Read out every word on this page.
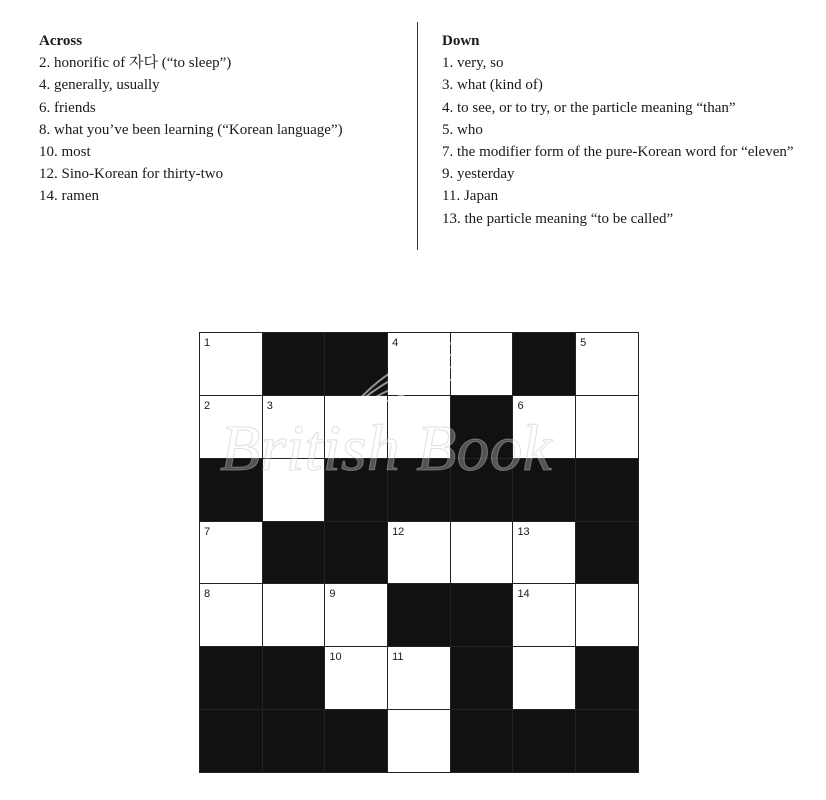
Across

2. honorific of 자다 (“to sleep”)
4. generally, usually
6. friends
8. what you’ve been learning (“Korean language”)
10. most
12. Sino-Korean for thirty-two
14. ramen

Down

1. very, so
3. what (kind of)
4. to see, or to try, or the particle meaning “than”
5. who
7. the modifier form of the pure-Korean word for “eleven”
9. yesterday
11. Japan
13. the particle meaning “to be called”
1	4	5
2	3	6
7	12	13
8	9	14
10	11
British Book
